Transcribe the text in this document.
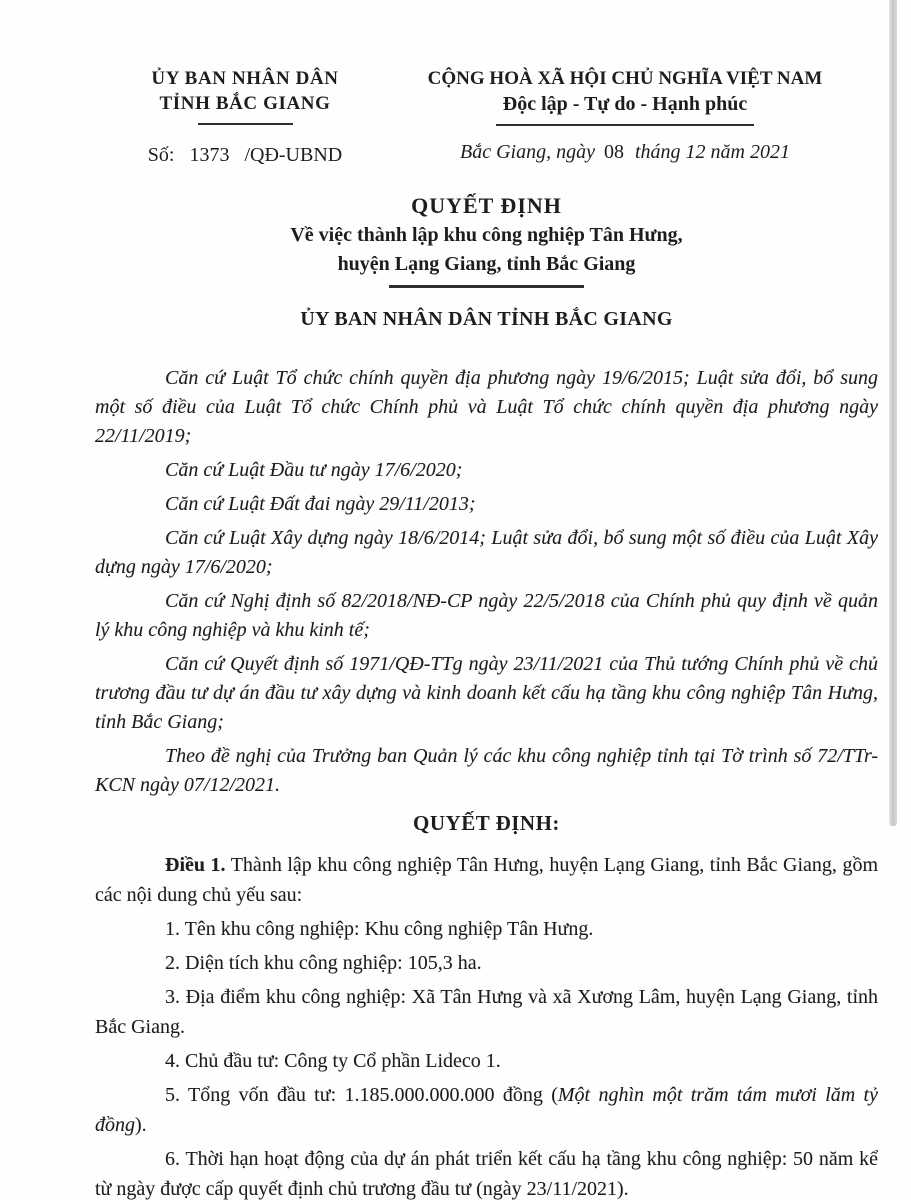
ỦY BAN NHÂN DÂN
TỈNH BẮC GIANG
Số: 1373 /QĐ-UBND
CỘNG HOÀ XÃ HỘI CHỦ NGHĨA VIỆT NAM
Độc lập - Tự do - Hạnh phúc
Bắc Giang, ngày 08 tháng 12 năm 2021
QUYẾT ĐỊNH
Về việc thành lập khu công nghiệp Tân Hưng,
huyện Lạng Giang, tỉnh Bắc Giang
ỦY BAN NHÂN DÂN TỈNH BẮC GIANG

Căn cứ Luật Tổ chức chính quyền địa phương ngày 19/6/2015; Luật sửa đổi, bổ sung một số điều của Luật Tổ chức Chính phủ và Luật Tổ chức chính quyền địa phương ngày 22/11/2019;

Căn cứ Luật Đầu tư ngày 17/6/2020;

Căn cứ Luật Đất đai ngày 29/11/2013;

Căn cứ Luật Xây dựng ngày 18/6/2014; Luật sửa đổi, bổ sung một số điều của Luật Xây dựng ngày 17/6/2020;

Căn cứ Nghị định số 82/2018/NĐ-CP ngày 22/5/2018 của Chính phủ quy định về quản lý khu công nghiệp và khu kinh tế;

Căn cứ Quyết định số 1971/QĐ-TTg ngày 23/11/2021 của Thủ tướng Chính phủ về chủ trương đầu tư dự án đầu tư xây dựng và kinh doanh kết cấu hạ tầng khu công nghiệp Tân Hưng, tỉnh Bắc Giang;

Theo đề nghị của Trưởng ban Quản lý các khu công nghiệp tỉnh tại Tờ trình số 72/TTr-KCN ngày 07/12/2021.

QUYẾT ĐỊNH:

Điều 1. Thành lập khu công nghiệp Tân Hưng, huyện Lạng Giang, tỉnh Bắc Giang, gồm các nội dung chủ yếu sau:

1. Tên khu công nghiệp: Khu công nghiệp Tân Hưng.

2. Diện tích khu công nghiệp: 105,3 ha.

3. Địa điểm khu công nghiệp: Xã Tân Hưng và xã Xương Lâm, huyện Lạng Giang, tỉnh Bắc Giang.

4. Chủ đầu tư: Công ty Cổ phần Lideco 1.

5. Tổng vốn đầu tư: 1.185.000.000.000 đồng (Một nghìn một trăm tám mươi lăm tỷ đồng).

6. Thời hạn hoạt động của dự án phát triển kết cấu hạ tầng khu công nghiệp: 50 năm kể từ ngày được cấp quyết định chủ trương đầu tư (ngày 23/11/2021).
